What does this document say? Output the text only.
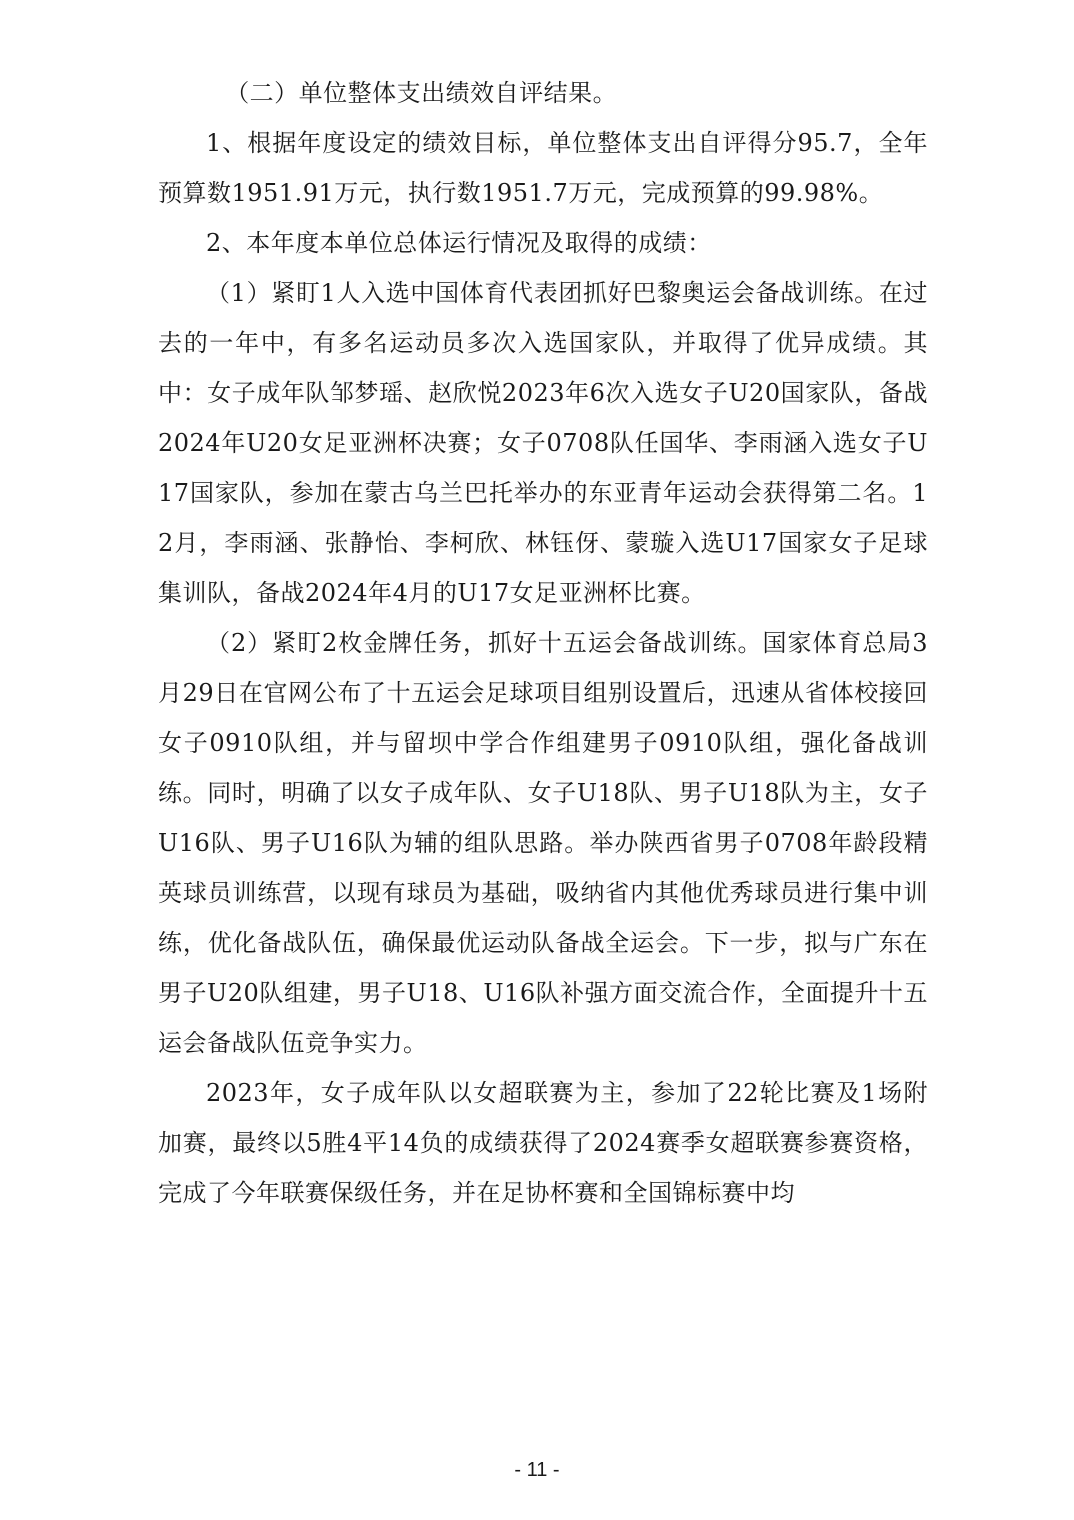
（二）单位整体支出绩效自评结果。

1、根据年度设定的绩效目标，单位整体支出自评得分95.7，全年预算数1951.91万元，执行数1951.7万元，完成预算的99.98%。

2、本年度本单位总体运行情况及取得的成绩：

（1）紧盯1人入选中国体育代表团抓好巴黎奥运会备战训练。在过去的一年中，有多名运动员多次入选国家队，并取得了优异成绩。其中：女子成年队邹梦瑶、赵欣悦2023年6次入选女子U20国家队，备战2024年U20女足亚洲杯决赛；女子0708队任国华、李雨涵入选女子U17国家队，参加在蒙古乌兰巴托举办的东亚青年运动会获得第二名。12月，李雨涵、张静怡、李柯欣、林钰伢、蒙璇入选U17国家女子足球集训队，备战2024年4月的U17女足亚洲杯比赛。

（2）紧盯2枚金牌任务，抓好十五运会备战训练。国家体育总局3月29日在官网公布了十五运会足球项目组别设置后，迅速从省体校接回女子0910队组，并与留坝中学合作组建男子0910队组，强化备战训练。同时，明确了以女子成年队、女子U18队、男子U18队为主，女子U16队、男子U16队为辅的组队思路。举办陕西省男子0708年龄段精英球员训练营，以现有球员为基础，吸纳省内其他优秀球员进行集中训练，优化备战队伍，确保最优运动队备战全运会。下一步，拟与广东在男子U20队组建，男子U18、U16队补强方面交流合作，全面提升十五运会备战队伍竞争实力。

2023年，女子成年队以女超联赛为主，参加了22轮比赛及1场附加赛，最终以5胜4平14负的成绩获得了2024赛季女超联赛参赛资格，完成了今年联赛保级任务，并在足协杯赛和全国锦标赛中均

- 11 -
